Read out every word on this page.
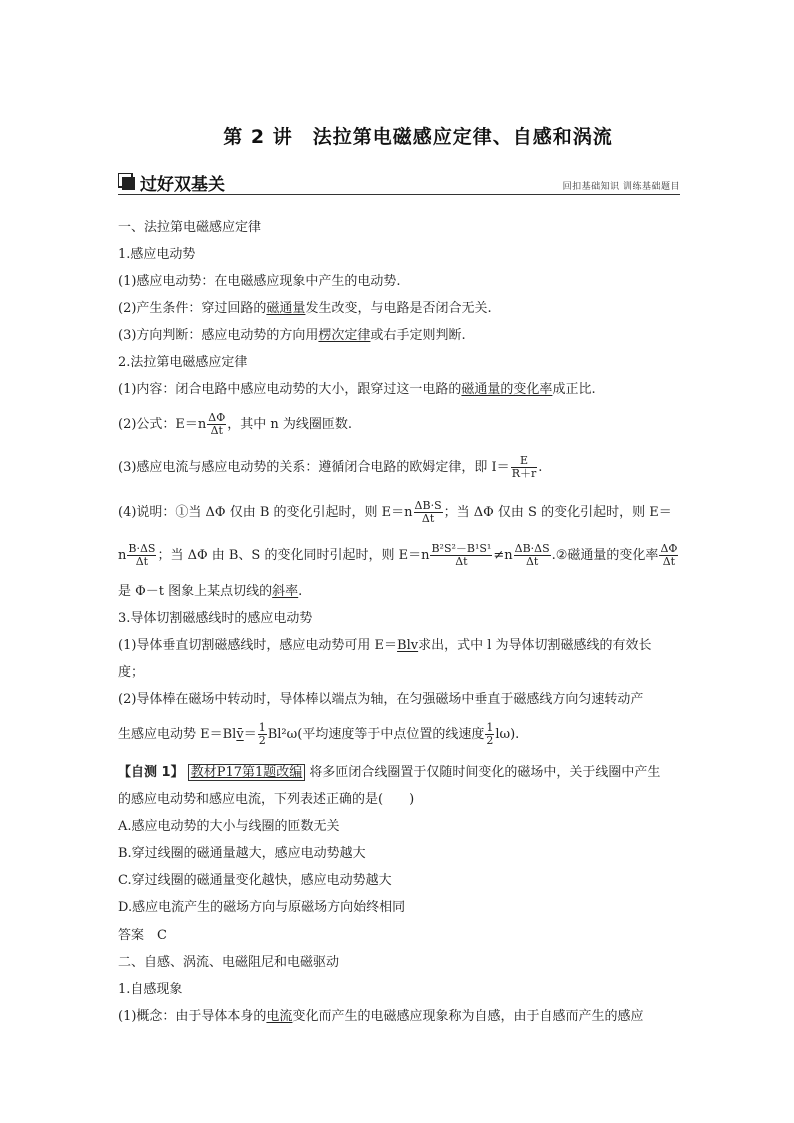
第 2 讲　法拉第电磁感应定律、自感和涡流
过好双基关	回扣基础知识 训练基础题目
一、法拉第电磁感应定律
1.感应电动势
(1)感应电动势：在电磁感应现象中产生的电动势.
(2)产生条件：穿过回路的磁通量发生改变，与电路是否闭合无关.
(3)方向判断：感应电动势的方向用楞次定律或右手定则判断.
2.法拉第电磁感应定律
(1)内容：闭合电路中感应电动势的大小，跟穿过这一电路的磁通量的变化率成正比.
(2)公式：$E=n \frac{\Delta\Phi}{\Delta t}$ ，其中 n 为线圈匝数.
(3)感应电流与感应电动势的关系：遵循闭合电路的欧姆定律，即 $I= \frac{E}{R+r}$ .
(4)说明：①当 ΔΦ 仅由 B 的变化引起时，则 $E=n \frac{\Delta B\cdot S}{\Delta t}$ ；当 ΔΦ 仅由 S 的变化引起时，则 E＝
n $\frac{B\cdot\Delta S}{\Delta t}$ ；当 ΔΦ 由 B、S 的变化同时引起时，则 $E=n \frac{\text{B²S²－B¹S¹}}{\Delta t} \ne n \frac{\Delta B\cdot\Delta S}{\Delta t}$ .②磁通量的变化率 $\frac{\Delta\Phi}{\Delta t}$
是 Φ－t 图象上某点切线的斜率.
3.导体切割磁感线时的感应电动势
(1)导体垂直切割磁感线时，感应电动势可用 E＝Blv求出，式中 l 为导体切割磁感线的有效长
度；
(2)导体棒在磁场中转动时，导体棒以端点为轴，在匀强磁场中垂直于磁感线方向匀速转动产
生感应电动势 E＝Blv̄＝ $\frac{1}{2} Bl^2\omega$(平均速度等于中点位置的线速度 $\frac{1}{2} l\omega$).
【自测 1】 教材P17第1题改编 将多匝闭合线圈置于仅随时间变化的磁场中，关于线圈中产生
的感应电动势和感应电流，下列表述正确的是(　　)
A.感应电动势的大小与线圈的匝数无关
B.穿过线圈的磁通量越大，感应电动势越大
C.穿过线圈的磁通量变化越快，感应电动势越大
D.感应电流产生的磁场方向与原磁场方向始终相同
答案　C
二、自感、涡流、电磁阻尼和电磁驱动
1.自感现象
(1)概念：由于导体本身的电流变化而产生的电磁感应现象称为自感，由于自感而产生的感应
